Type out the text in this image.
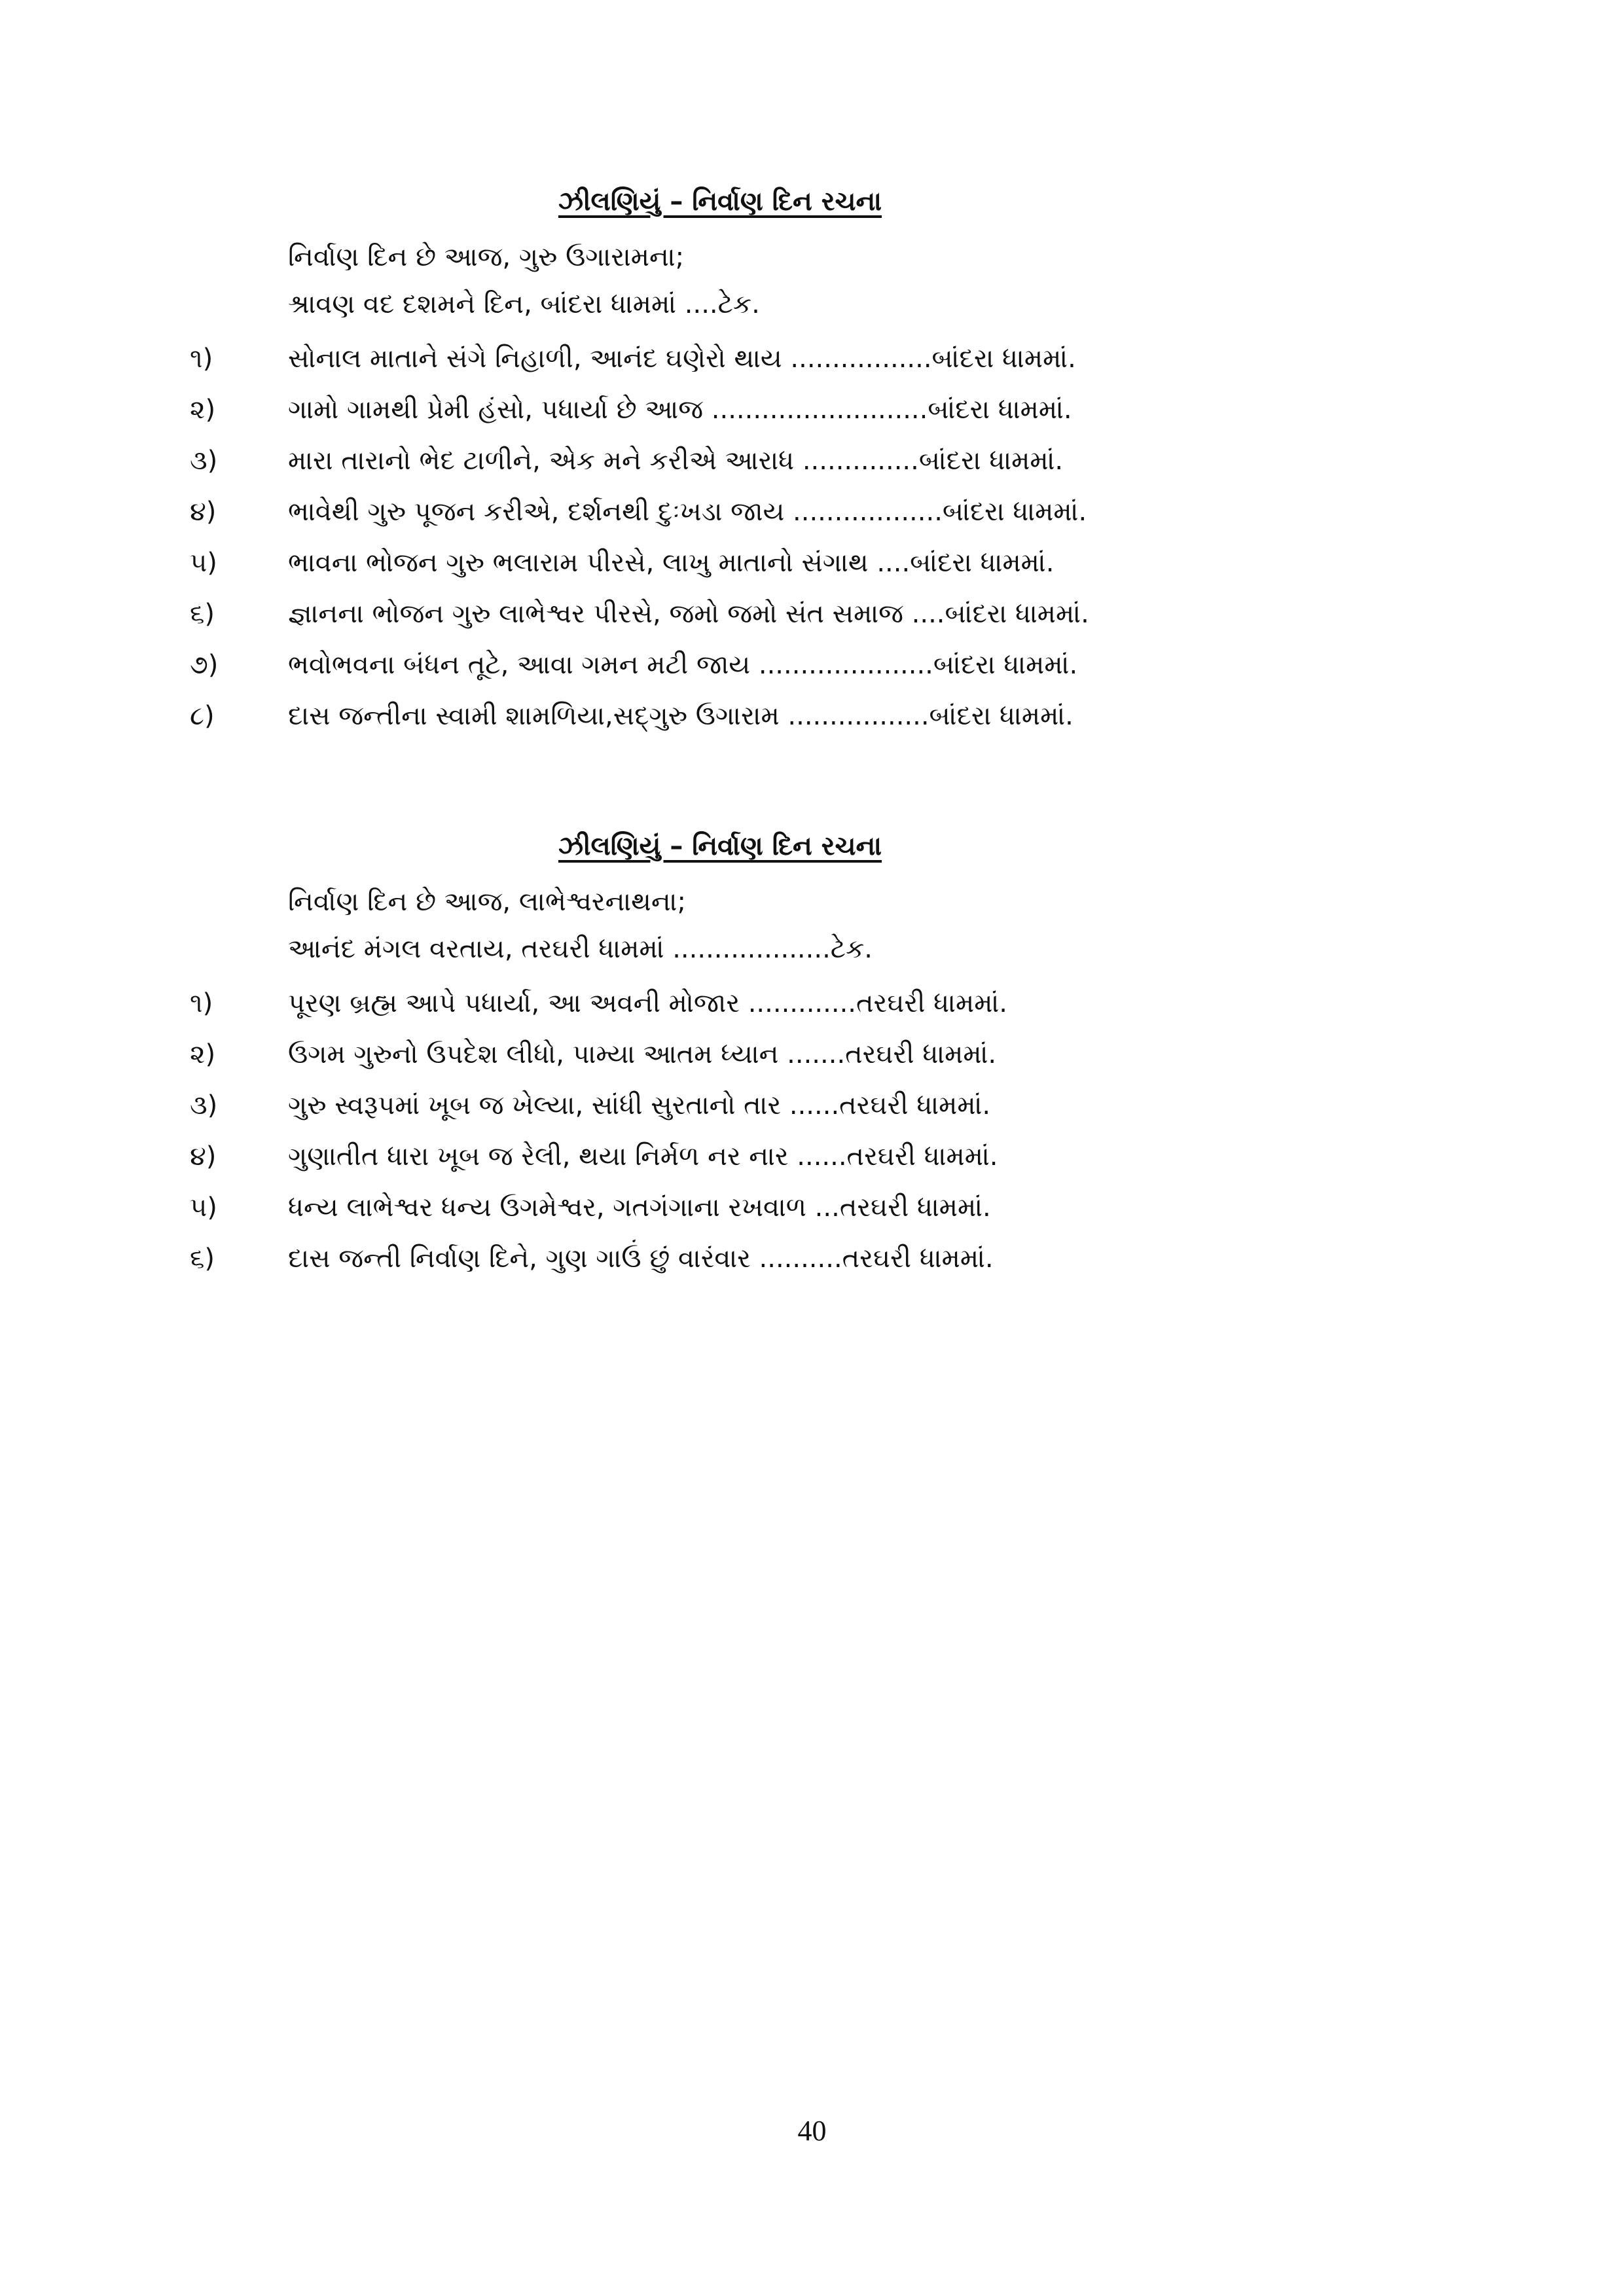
ઝીલણિયું – નિર્વાણ દિન રચના
નિર્વાણ દિન છે આજ, ગુરુ ઉગારામના;
શ્રાવણ વદ દશમને દિન, બાંદરા ધામમાં ....ટેક.
૧)	સોનાલ માતાને સંગે નિહાળી, આનંદ ઘણેરો થાય .................બાંદરા ધામમાં.
૨)	ગામો ગામથી પ્રેમી હંસો, પધાર્યા છે આજ ..........................બાંદરા ધામમાં.
૩)	મારા તારાનો ભેદ ટાળીને, એક મને કરીએ આરાધ ..............બાંદરા ધામમાં.
૪)	ભાવેથી ગુરુ પૂજન કરીએ, દર્શનથી દુઃખડા જાય ..................બાંદરા ધામમાં.
૫)	ભાવના ભોજન ગુરુ ભલારામ પીરસે, લાખુ માતાનો સંગાથ ....બાંદરા ધામમાં.
૬)	જ્ઞાનના ભોજન ગુરુ લાભેશ્વર પીરસે, જમો જમો સંત સમાજ ....બાંદરા ધામમાં.
૭)	ભવોભવના બંધન તૂટે, આવા ગમન મટી જાય .....................બાંદરા ધામમાં.
૮)	દાસ જન્તીના સ્વામી શામળિયા,સદ્‌ગુરુ ઉગારામ .................બાંદરા ધામમાં.
ઝીલણિયું – નિર્વાણ દિન રચના
નિર્વાણ દિન છે આજ, લાભેશ્વરનાથના;
આનંદ મંગલ વરતાય, તરઘરી ધામમાં ...................ટેક.
૧)	પૂરણ બ્રહ્મ આપે પધાર્યા, આ અવની મોજાર .............તરઘરી ધામમાં.
૨)	ઉગમ ગુરુનો ઉપદેશ લીધો, પામ્યા આતમ ધ્યાન .......તરઘરી ધામમાં.
૩)	ગુરુ સ્વરૂપમાં ખૂબ જ ખેલ્યા, સાંધી સુરતાનો તાર ......તરઘરી ધામમાં.
૪)	ગુણાતીત ધારા ખૂબ જ રેલી, થયા નિર્મળ નર નાર ......તરઘરી ધામમાં.
૫)	ધન્ય લાભેશ્વર ધન્ય ઉગમેશ્વર, ગતગંગાના રખવાળ ...તરઘરી ધામમાં.
૬)	દાસ જન્તી નિર્વાણ દિને, ગુણ ગાઉં છું વારંવાર ..........તરઘરી ધામમાં.
40
